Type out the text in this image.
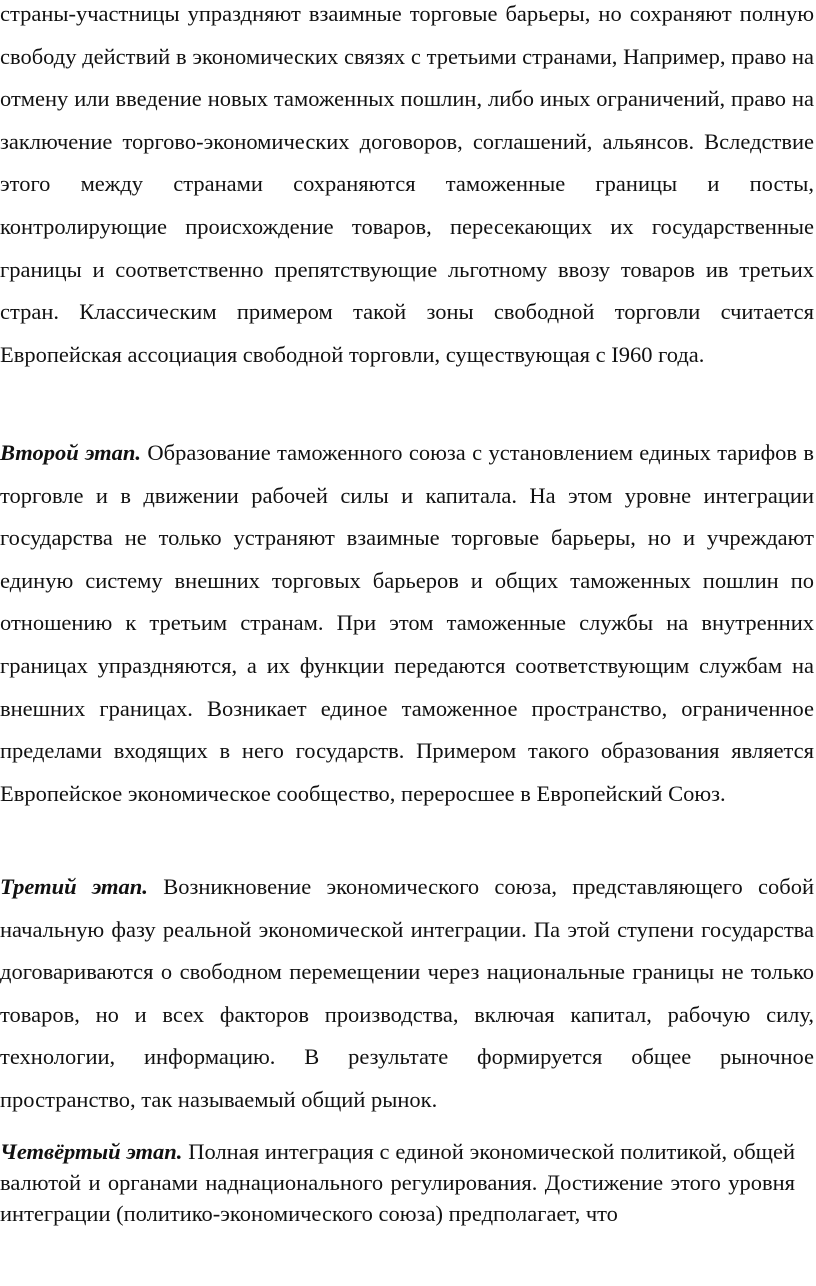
страны-участницы упраздняют взаимные торговые барьеры, но сохраняют полную свободу действий в экономических связях с третьими странами, Например, право на отмену или введение новых таможенных пошлин, либо иных ограничений, право на заключение торгово-экономических договоров, соглашений, альянсов. Вследствие этого между странами сохраняются таможенные границы и посты, контролирующие происхождение товаров, пересекающих их государственные границы и соответственно препятствующие льготному ввозу товаров ив третьих стран. Классическим примером такой зоны свободной торговли считается Европейская ассоциация свободной торговли, существующая с I960 года.

Второй этап. Образование таможенного союза с установлением единых тарифов в торговле и в движении рабочей силы и капитала. На этом уровне интеграции государства не только устраняют взаимные торговые барьеры, но и учреждают единую систему внешних торговых барьеров и общих таможенных пошлин по отношению к третьим странам. При этом таможенные службы на внутренних границах упраздняются, а их функции передаются соответствующим службам на внешних границах. Возникает единое таможенное пространство, ограниченное пределами входящих в него государств. Примером такого образования является Европейское экономическое сообщество, переросшее в Европейский Союз.

Третий этап. Возникновение экономического союза, представляющего собой начальную фазу реальной экономической интеграции. Па этой ступени государства договариваются о свободном перемещении через национальные границы не только товаров, но и всех факторов производства, включая капитал, рабочую силу, технологии, информацию. В результате формируется общее рыночное пространство, так называемый общий рынок.

Четвёртый этап. Полная интеграция с единой экономической политикой, общей валютой и органами наднационального регулирования. Достижение этого уровня интеграции (политико-экономического союза) предполагает, что
